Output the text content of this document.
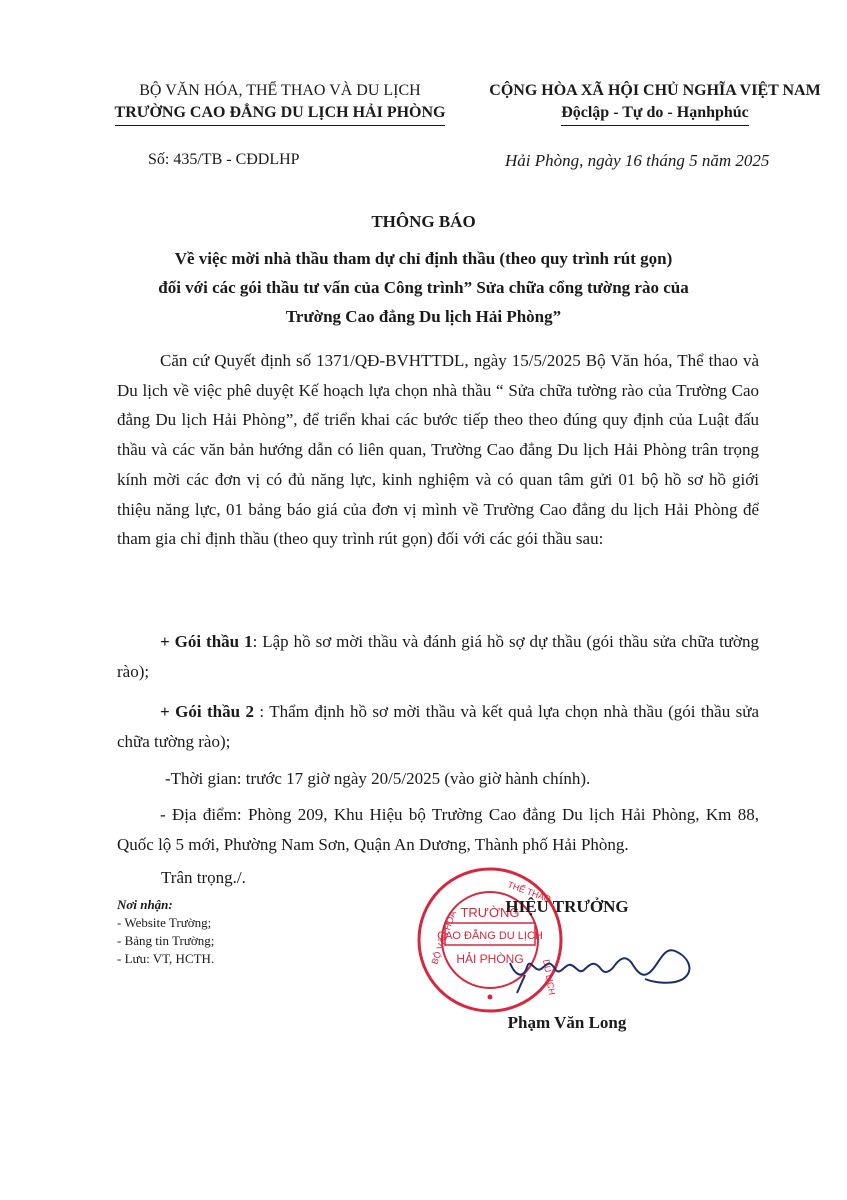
BỘ VĂN HÓA, THỂ THAO VÀ DU LỊCH
TRƯỜNG CAO ĐẲNG DU LỊCH HẢI PHÒNG
Số: 435/TB - CĐDLHP
CỘNG HÒA XÃ HỘI CHỦ NGHĨA VIỆT NAM
Độclập - Tự do - Hạnhphúc
Hải Phòng, ngày 16 tháng 5 năm 2025
THÔNG BÁO
Về việc mời nhà thầu tham dự chỉ định thầu (theo quy trình rút gọn)
đối với các gói thầu tư vấn của Công trình” Sửa chữa cổng tường rào của
Trường Cao đẳng Du lịch Hải Phòng”
Căn cứ Quyết định số 1371/QĐ-BVHTTDL, ngày 15/5/2025 Bộ Văn hóa, Thể thao và Du lịch về việc phê duyệt Kế hoạch lựa chọn nhà thầu “ Sửa chữa tường rào của Trường Cao đẳng Du lịch Hải Phòng”, để triển khai các bước tiếp theo theo đúng quy định của Luật đấu thầu và các văn bản hướng dẫn có liên quan, Trường Cao đẳng Du lịch Hải Phòng trân trọng kính mời các đơn vị có đủ năng lực, kinh nghiệm và có quan tâm gửi 01 bộ hồ sơ hồ giới thiệu năng lực, 01 bảng báo giá của đơn vị mình về Trường Cao đẳng du lịch Hải Phòng để tham gia chỉ định thầu (theo quy trình rút gọn) đối với các gói thầu sau:
+ Gói thầu 1: Lập hồ sơ mời thầu và đánh giá hồ sợ dự thầu (gói thầu sửa chữa tường rào);
+ Gói thầu 2 : Thẩm định hồ sơ mời thầu và kết quả lựa chọn nhà thầu (gói thầu sửa chữa tường rào);
-Thời gian: trước 17 giờ ngày 20/5/2025 (vào giờ hành chính).
- Địa điểm: Phòng 209, Khu Hiệu bộ Trường Cao đẳng Du lịch Hải Phòng, Km 88, Quốc lộ 5 mới, Phường Nam Sơn, Quận An Dương, Thành phố Hải Phòng.
Trân trọng./.
Nơi nhận:
- Website Trường;
- Bảng tin Trường;
- Lưu: VT, HCTH.
TRƯỜNG
CAO ĐẲNG DU LỊCH
HẢI PHÒNG
BỘ VĂN HÓA
THỂ THAO
DU LỊCH
HIỆU TRƯỞNG
Phạm Văn Long
